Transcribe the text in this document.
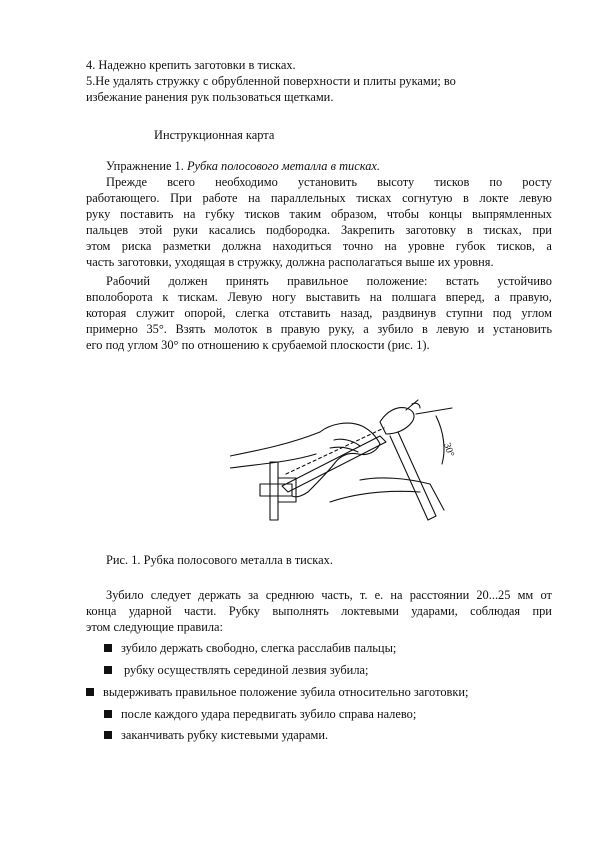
4. Надежно крепить заготовки в тисках.
5.Не удалять стружку с обрубленной поверхности и плиты руками; во
избежание ранения рук пользоваться щетками.
Инструкционная карта
Упражнение 1. Рубка полосового металла в тисках.
Прежде всего необходимо установить высоту тисков по росту
работающего. При работе на параллельных тисках согнутую в локте левую
руку поставить на губку тисков таким образом, чтобы концы выпрямленных
пальцев этой руки касались подбородка. Закрепить заготовку в тисках, при
этом риска разметки должна находиться точно на уровне губок тисков, а
часть заготовки, уходящая в стружку, должна располагаться выше их уровня.
Рабочий должен принять правильное положение: встать устойчиво
вполоборота к тискам. Левую ногу выставить на полшага вперед, а правую,
которая служит опорой, слегка отставить назад, раздвинув ступни под углом
примерно 35°. Взять молоток в правую руку, а зубило в левую и установить
его под углом 30° по отношению к срубаемой плоскости (рис. 1).
30°
Рис. 1. Рубка полосового металла в тисках.
Зубило следует держать за среднюю часть, т. е. на расстоянии 20...25 мм от
конца ударной части. Рубку выполнять локтевыми ударами, соблюдая при
этом следующие правила:
зубило держать свободно, слегка расслабив пальцы;
рубку осуществлять серединой лезвия зубила;
выдерживать правильное положение зубила относительно заготовки;
после каждого удара передвигать зубило справа налево;
заканчивать рубку кистевыми ударами.
